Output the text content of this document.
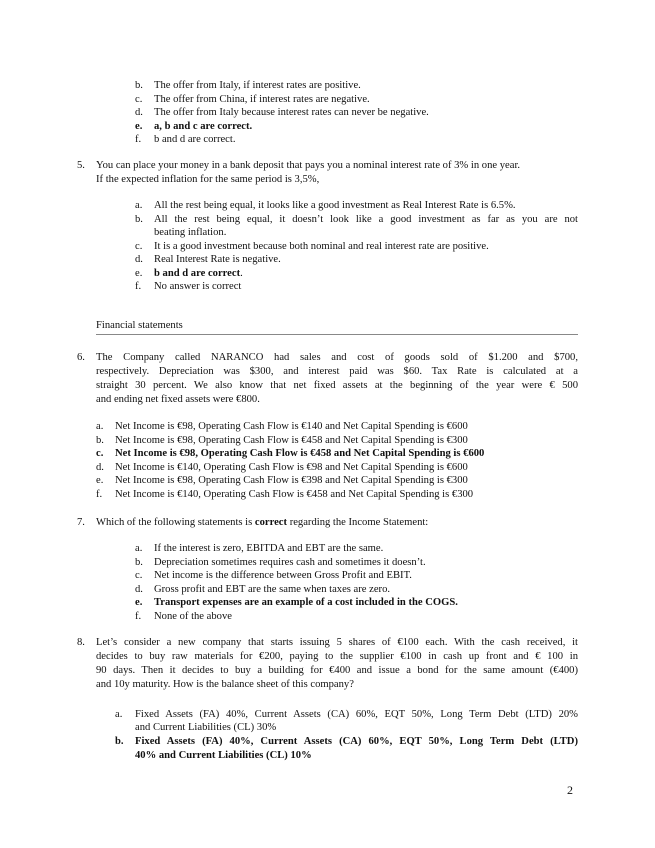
b. The offer from Italy, if interest rates are positive.
c. The offer from China, if interest rates are negative.
d. The offer from Italy because interest rates can never be negative.
e. a, b and c are correct.
f. b and d are correct.
5. You can place your money in a bank deposit that pays you a nominal interest rate of 3% in one year.
If the expected inflation for the same period is 3,5%,
a. All the rest being equal, it looks like a good investment as Real Interest Rate is 6.5%.
b. All the rest being equal, it doesn’t look like a good investment as far as you are not
beating inflation.
c. It is a good investment because both nominal and real interest rate are positive.
d. Real Interest Rate is negative.
e. b and d are correct.
f. No answer is correct
Financial statements
6. The Company called NARANCO had sales and cost of goods sold of $1.200 and $700,
respectively. Depreciation was $300, and interest paid was $60. Tax Rate is calculated at a
straight 30 percent. We also know that net fixed assets at the beginning of the year were € 500
and ending net fixed assets were €800.
a. Net Income is €98, Operating Cash Flow is €140 and Net Capital Spending is €600
b. Net Income is €98, Operating Cash Flow is €458 and Net Capital Spending is €300
c. Net Income is €98, Operating Cash Flow is €458 and Net Capital Spending is €600
d. Net Income is €140, Operating Cash Flow is €98 and Net Capital Spending is €600
e. Net Income is €98, Operating Cash Flow is €398 and Net Capital Spending is €300
f. Net Income is €140, Operating Cash Flow is €458 and Net Capital Spending is €300
7. Which of the following statements is correct regarding the Income Statement:
a. If the interest is zero, EBITDA and EBT are the same.
b. Depreciation sometimes requires cash and sometimes it doesn’t.
c. Net income is the difference between Gross Profit and EBIT.
d. Gross profit and EBT are the same when taxes are zero.
e. Transport expenses are an example of a cost included in the COGS.
f. None of the above
8. Let’s consider a new company that starts issuing 5 shares of €100 each. With the cash received, it
decides to buy raw materials for €200, paying to the supplier €100 in cash up front and € 100 in
90 days. Then it decides to buy a building for €400 and issue a bond for the same amount (€400)
and 10y maturity. How is the balance sheet of this company?
a. Fixed Assets (FA) 40%, Current Assets (CA) 60%, EQT 50%, Long Term Debt (LTD) 20%
and Current Liabilities (CL) 30%
b. Fixed Assets (FA) 40%, Current Assets (CA) 60%, EQT 50%, Long Term Debt (LTD)
40% and Current Liabilities (CL) 10%
2
